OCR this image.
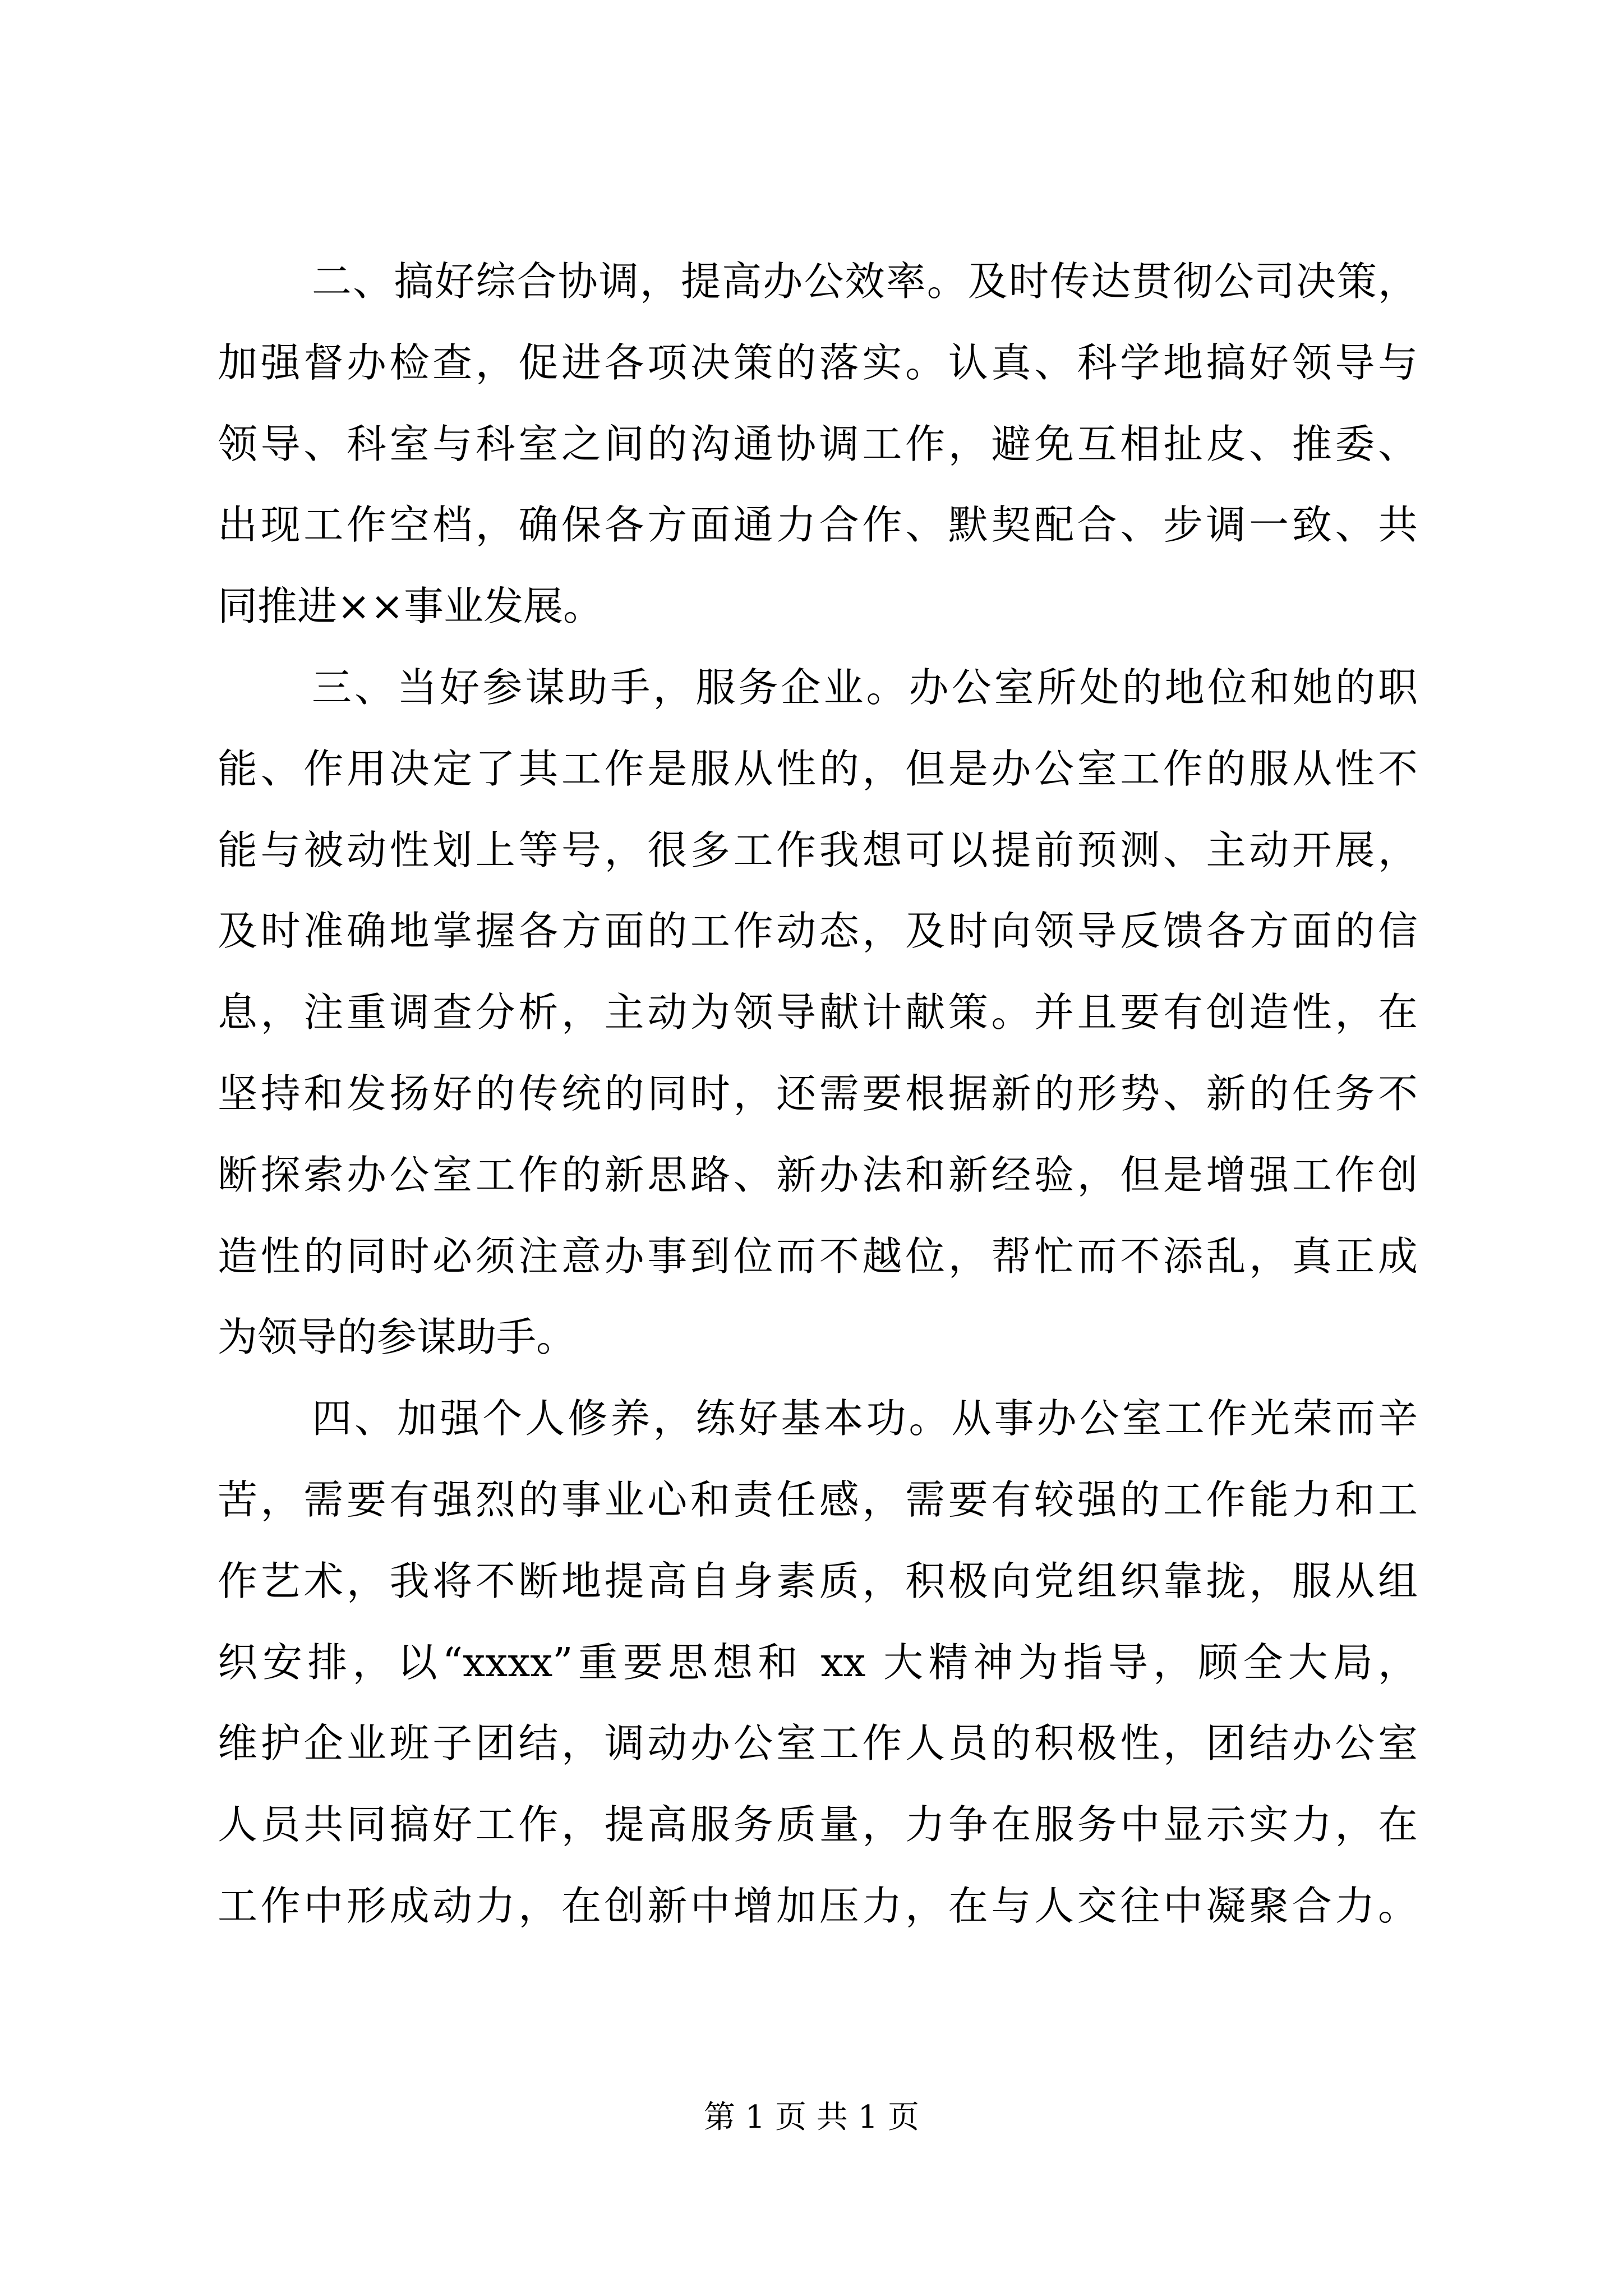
二、搞好综合协调，提高办公效率。及时传达贯彻公司决策，
加强督办检查，促进各项决策的落实。认真、科学地搞好领导与
领导、科室与科室之间的沟通协调工作，避免互相扯皮、推委、
出现工作空档，确保各方面通力合作、默契配合、步调一致、共
同推进××事业发展。
三、当好参谋助手，服务企业。办公室所处的地位和她的职
能、作用决定了其工作是服从性的，但是办公室工作的服从性不
能与被动性划上等号，很多工作我想可以提前预测、主动开展，
及时准确地掌握各方面的工作动态，及时向领导反馈各方面的信
息，注重调查分析，主动为领导献计献策。并且要有创造性，在
坚持和发扬好的传统的同时，还需要根据新的形势、新的任务不
断探索办公室工作的新思路、新办法和新经验，但是增强工作创
造性的同时必须注意办事到位而不越位，帮忙而不添乱，真正成
为领导的参谋助手。
四、加强个人修养，练好基本功。从事办公室工作光荣而辛
苦，需要有强烈的事业心和责任感，需要有较强的工作能力和工
作艺术，我将不断地提高自身素质，积极向党组织靠拢，服从组
织安排，以“xxxx”重要思想和 xx 大精神为指导，顾全大局，
维护企业班子团结，调动办公室工作人员的积极性，团结办公室
人员共同搞好工作，提高服务质量，力争在服务中显示实力，在
工作中形成动力，在创新中增加压力，在与人交往中凝聚合力。
第 1 页 共 1 页
